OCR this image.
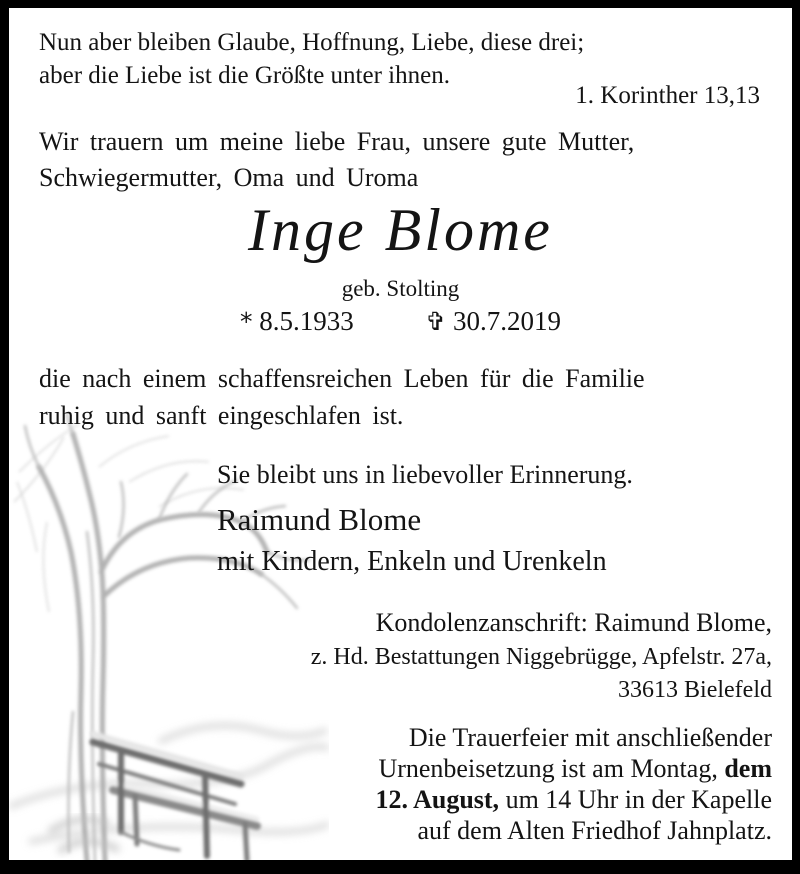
Nun aber bleiben Glaube, Hoffnung, Liebe, diese drei;
aber die Liebe ist die Größte unter ihnen.
1. Korinther 13,13
Wir trauern um meine liebe Frau, unsere gute Mutter,
Schwiegermutter, Oma und Uroma
Inge Blome
geb. Stolting
* 8.5.1933	✞ 30.7.2019
die nach einem schaffensreichen Leben für die Familie
ruhig und sanft eingeschlafen ist.
Sie bleibt uns in liebevoller Erinnerung.
Raimund Blome
mit Kindern, Enkeln und Urenkeln
Kondolenzanschrift: Raimund Blome,
z. Hd. Bestattungen Niggebrügge, Apfelstr. 27a,
33613 Bielefeld
Die Trauerfeier mit anschließender
Urnenbeisetzung ist am Montag, dem
12. August, um 14 Uhr in der Kapelle
auf dem Alten Friedhof Jahnplatz.
